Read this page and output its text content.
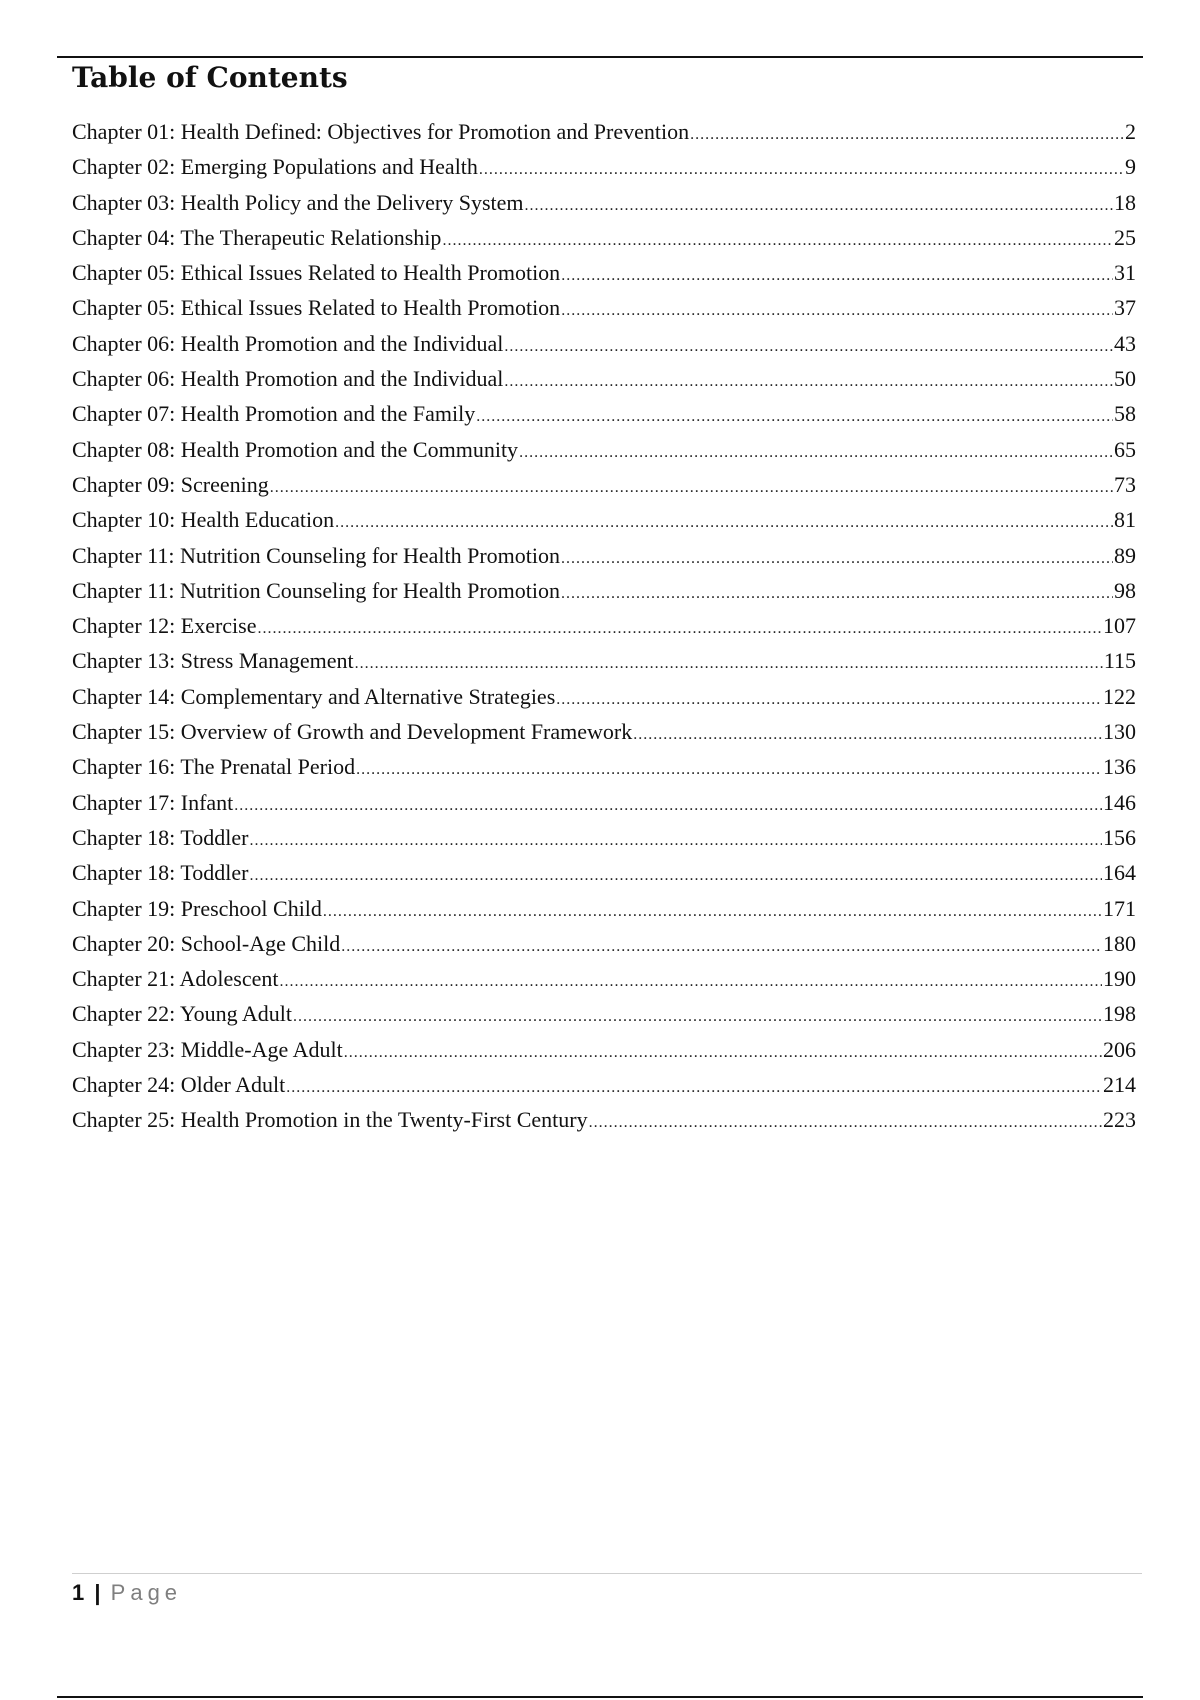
Table of Contents
Chapter 01: Health Defined: Objectives for Promotion and Prevention .....	2
Chapter 02: Emerging Populations and Health .....	9
Chapter 03: Health Policy and the Delivery System .....	18
Chapter 04: The Therapeutic Relationship .....	25
Chapter 05: Ethical Issues Related to Health Promotion .....	31
Chapter 05: Ethical Issues Related to Health Promotion .....	37
Chapter 06: Health Promotion and the Individual .....	43
Chapter 06: Health Promotion and the Individual .....	50
Chapter 07: Health Promotion and the Family .....	58
Chapter 08: Health Promotion and the Community .....	65
Chapter 09: Screening .....	73
Chapter 10: Health Education .....	81
Chapter 11: Nutrition Counseling for Health Promotion .....	89
Chapter 11: Nutrition Counseling for Health Promotion .....	98
Chapter 12: Exercise .....	107
Chapter 13: Stress Management .....	115
Chapter 14: Complementary and Alternative Strategies .....	122
Chapter 15: Overview of Growth and Development Framework .....	130
Chapter 16: The Prenatal Period .....	136
Chapter 17: Infant .....	146
Chapter 18: Toddler .....	156
Chapter 18: Toddler .....	164
Chapter 19: Preschool Child .....	171
Chapter 20: School-Age Child .....	180
Chapter 21: Adolescent .....	190
Chapter 22: Young Adult .....	198
Chapter 23: Middle-Age Adult .....	206
Chapter 24: Older Adult .....	214
Chapter 25: Health Promotion in the Twenty-First Century .....	223
1 | Page
